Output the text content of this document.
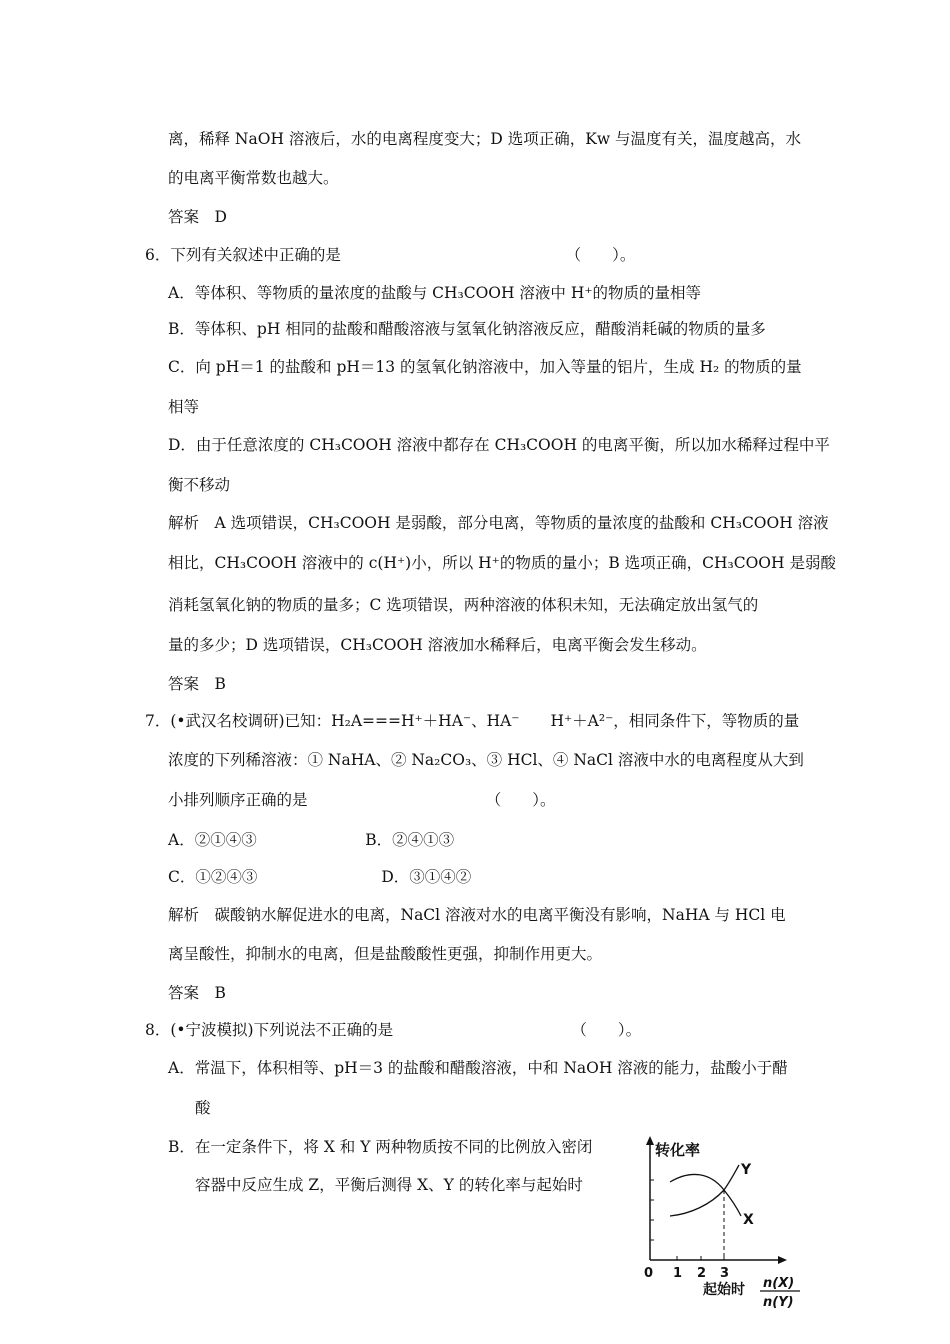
离，稀释 NaOH 溶液后，水的电离程度变大；D 选项正确，Kw 与温度有关，温度越高，水
的电离平衡常数也越大。
答案　D
6．下列有关叙述中正确的是　　　　　　　　　　　　　　　（　　）。
A．等体积、等物质的量浓度的盐酸与 CH₃COOH 溶液中 H⁺的物质的量相等
B．等体积、pH 相同的盐酸和醋酸溶液与氢氧化钠溶液反应，醋酸消耗碱的物质的量多
C．向 pH＝1 的盐酸和 pH＝13 的氢氧化钠溶液中，加入等量的铝片，生成 H₂ 的物质的量
相等
D．由于任意浓度的 CH₃COOH 溶液中都存在 CH₃COOH 的电离平衡，所以加水稀释过程中平
衡不移动
解析　A 选项错误，CH₃COOH 是弱酸，部分电离，等物质的量浓度的盐酸和 CH₃COOH 溶液
相比，CH₃COOH 溶液中的 c(H⁺)小，所以 H⁺的物质的量小；B 选项正确，CH₃COOH 是弱酸
消耗氢氧化钠的物质的量多；C 选项错误，两种溶液的体积未知，无法确定放出氢气的
量的多少；D 选项错误，CH₃COOH 溶液加水稀释后，电离平衡会发生移动。
答案　B
7．(•武汉名校调研)已知：H₂A===H⁺＋HA⁻、HA⁻　　H⁺＋A²⁻，相同条件下，等物质的量
浓度的下列稀溶液：① NaHA、② Na₂CO₃、③ HCl、④ NaCl 溶液中水的电离程度从大到
小排列顺序正确的是　　　　　　　　　　　　（　　）。
A．②①④③　　　　　　　B．②④①③
C．①②④③　　　　　　　　D．③①④②
解析　碳酸钠水解促进水的电离，NaCl 溶液对水的电离平衡没有影响，NaHA 与 HCl 电
离呈酸性，抑制水的电离，但是盐酸酸性更强，抑制作用更大。
答案　B
8．(•宁波模拟)下列说法不正确的是　　　　　　　　　　　　（　　）。
A．常温下，体积相等、pH＝3 的盐酸和醋酸溶液，中和 NaOH 溶液的能力，盐酸小于醋
酸
B．在一定条件下，将 X 和 Y 两种物质按不同的比例放入密闭
容器中反应生成 Z，平衡后测得 X、Y 的转化率与起始时
转化率
Y
X
0 1 2 3
起始时 n(X)
n(Y)
